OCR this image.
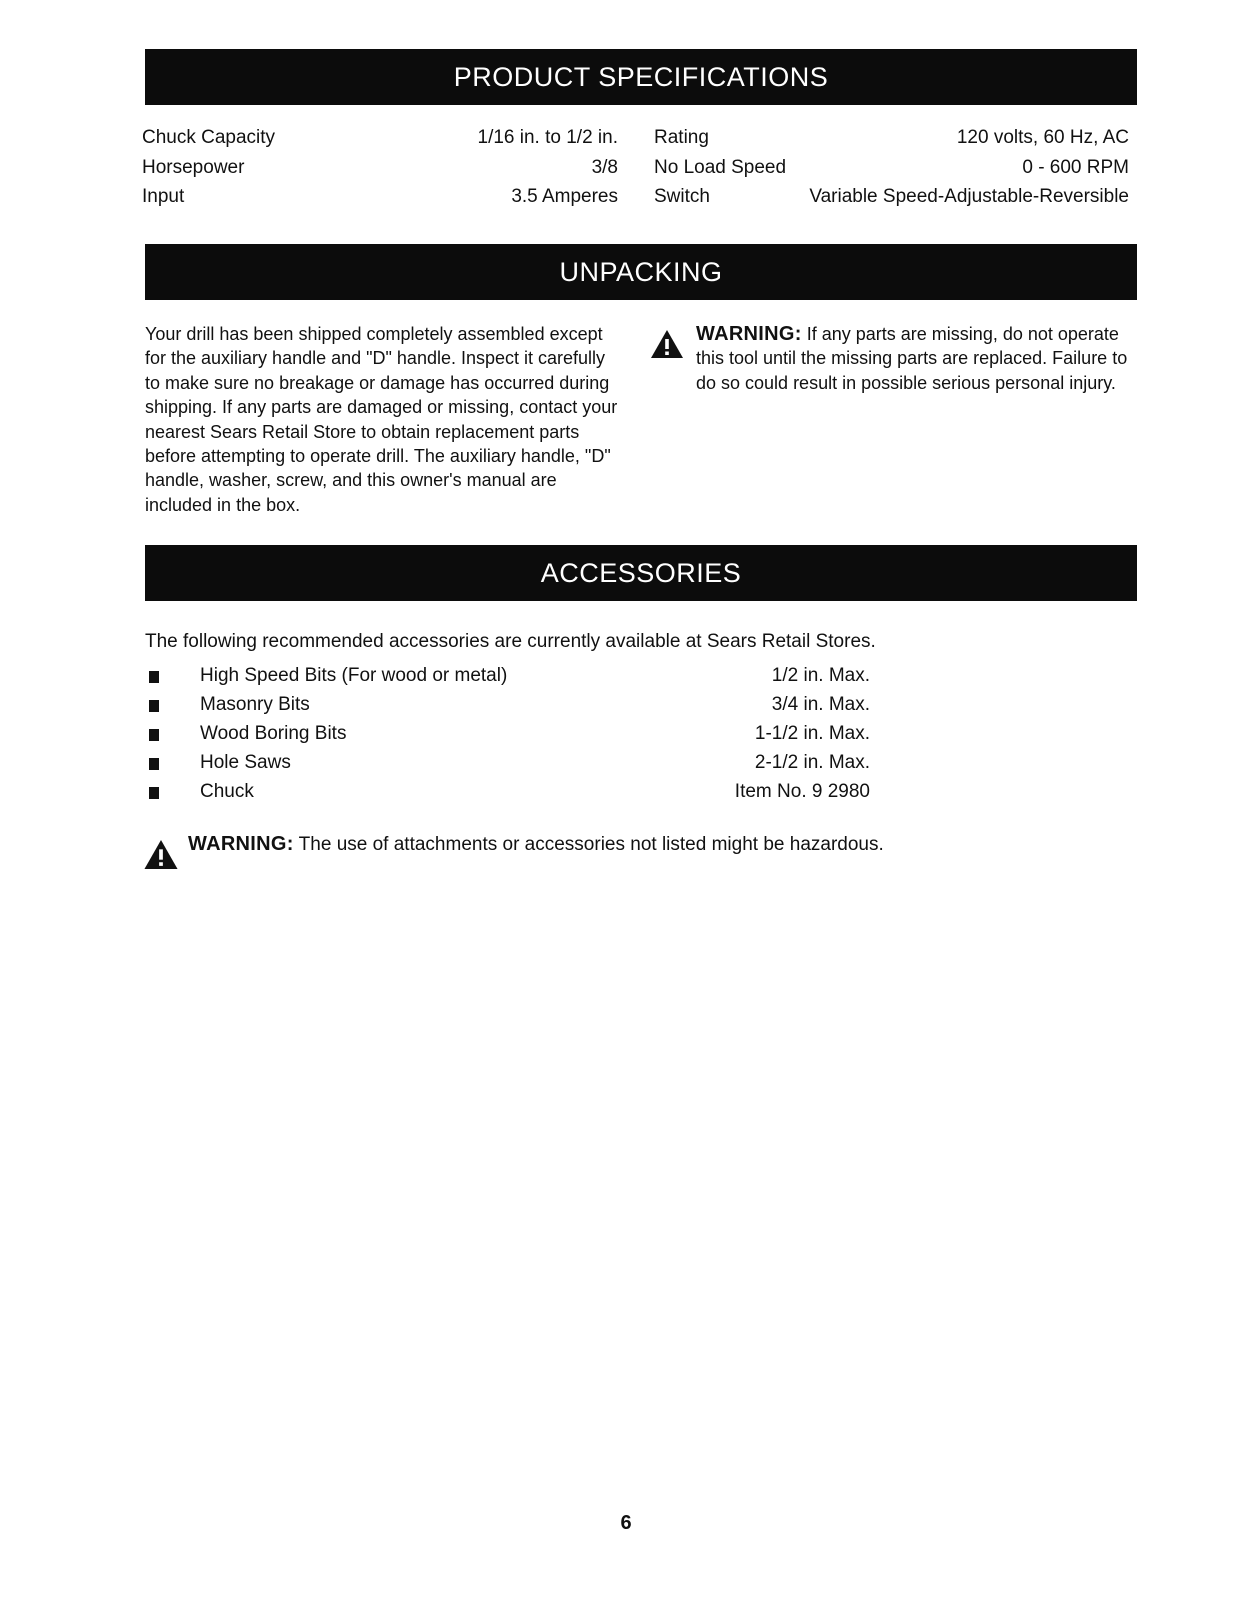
PRODUCT SPECIFICATIONS
Chuck Capacity	1/16 in. to 1/2 in.
Horsepower	3/8
Input	3.5 Amperes
Rating	120 volts, 60 Hz, AC
No Load Speed	0 - 600 RPM
Switch	Variable Speed-Adjustable-Reversible
UNPACKING
Your drill has been shipped completely assembled except for the auxiliary handle and "D" handle. Inspect it carefully to make sure no breakage or damage has occurred during shipping. If any parts are damaged or missing, contact your nearest Sears Retail Store to obtain replacement parts before attempting to operate drill. The auxiliary handle, "D" handle, washer, screw, and this owner's manual are included in the box.
WARNING: If any parts are missing, do not operate this tool until the missing parts are replaced. Failure to do so could result in possible serious personal injury.
ACCESSORIES
The following recommended accessories are currently available at Sears Retail Stores.
High Speed Bits (For wood or metal)	1/2 in. Max.
Masonry Bits	3/4 in. Max.
Wood Boring Bits	1-1/2 in. Max.
Hole Saws	2-1/2 in. Max.
Chuck	Item No. 9 2980
WARNING: The use of attachments or accessories not listed might be hazardous.
6
